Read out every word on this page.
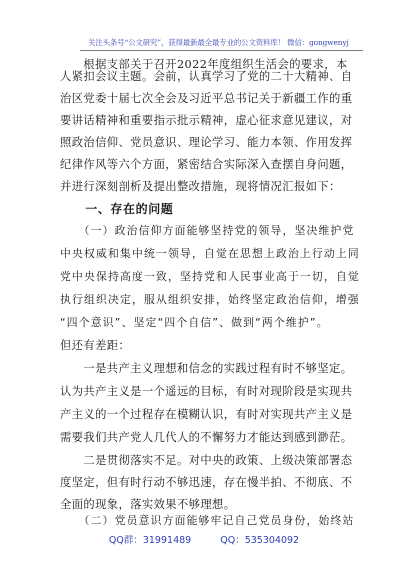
关注头条号“公文研究”，获得最新最全最专业的公文资料库！ 微信：gongwenyj
　　根据支部关于召开2022年度组织生活会的要求，本
人紧扣会议主题。会前，认真学习了党的二十大精神、自
治区党委十届七次全会及习近平总书记关于新疆工作的重
要讲话精神和重要指示批示精神，虚心征求意见建议，对
照政治信仰、党员意识、理论学习、能力本领、作用发挥
纪律作风等六个方面，紧密结合实际深入查摆自身问题，
并进行深刻剖析及提出整改措施，现将情况汇报如下：
　　一、存在的问题
　　（一）政治信仰方面能够坚持党的领导，坚决维护党
中央权威和集中统一领导，自觉在思想上政治上行动上同
党中央保持高度一致，坚持党和人民事业高于一切，自觉
执行组织决定，服从组织安排，始终坚定政治信仰，增强
“四个意识”、坚定“四个自信”、做到“两个维护”。
但还有差距：
　　一是共产主义理想和信念的实践过程有时不够坚定。
认为共产主义是一个遥远的目标，有时对现阶段是实现共
产主义的一个过程存在模糊认识，有时对实现共产主义是
需要我们共产党人几代人的不懈努力才能达到感到渺茫。
　　二是贯彻落实不足。对中央的政策、上级决策部署态
度坚定，但有时行动不够迅速，存在慢半拍、不彻底、不
全面的现象，落实效果不够理想。
　　（二）党员意识方面能够牢记自己党员身份，始终站
QQ群：31991489	QQ：535304092
